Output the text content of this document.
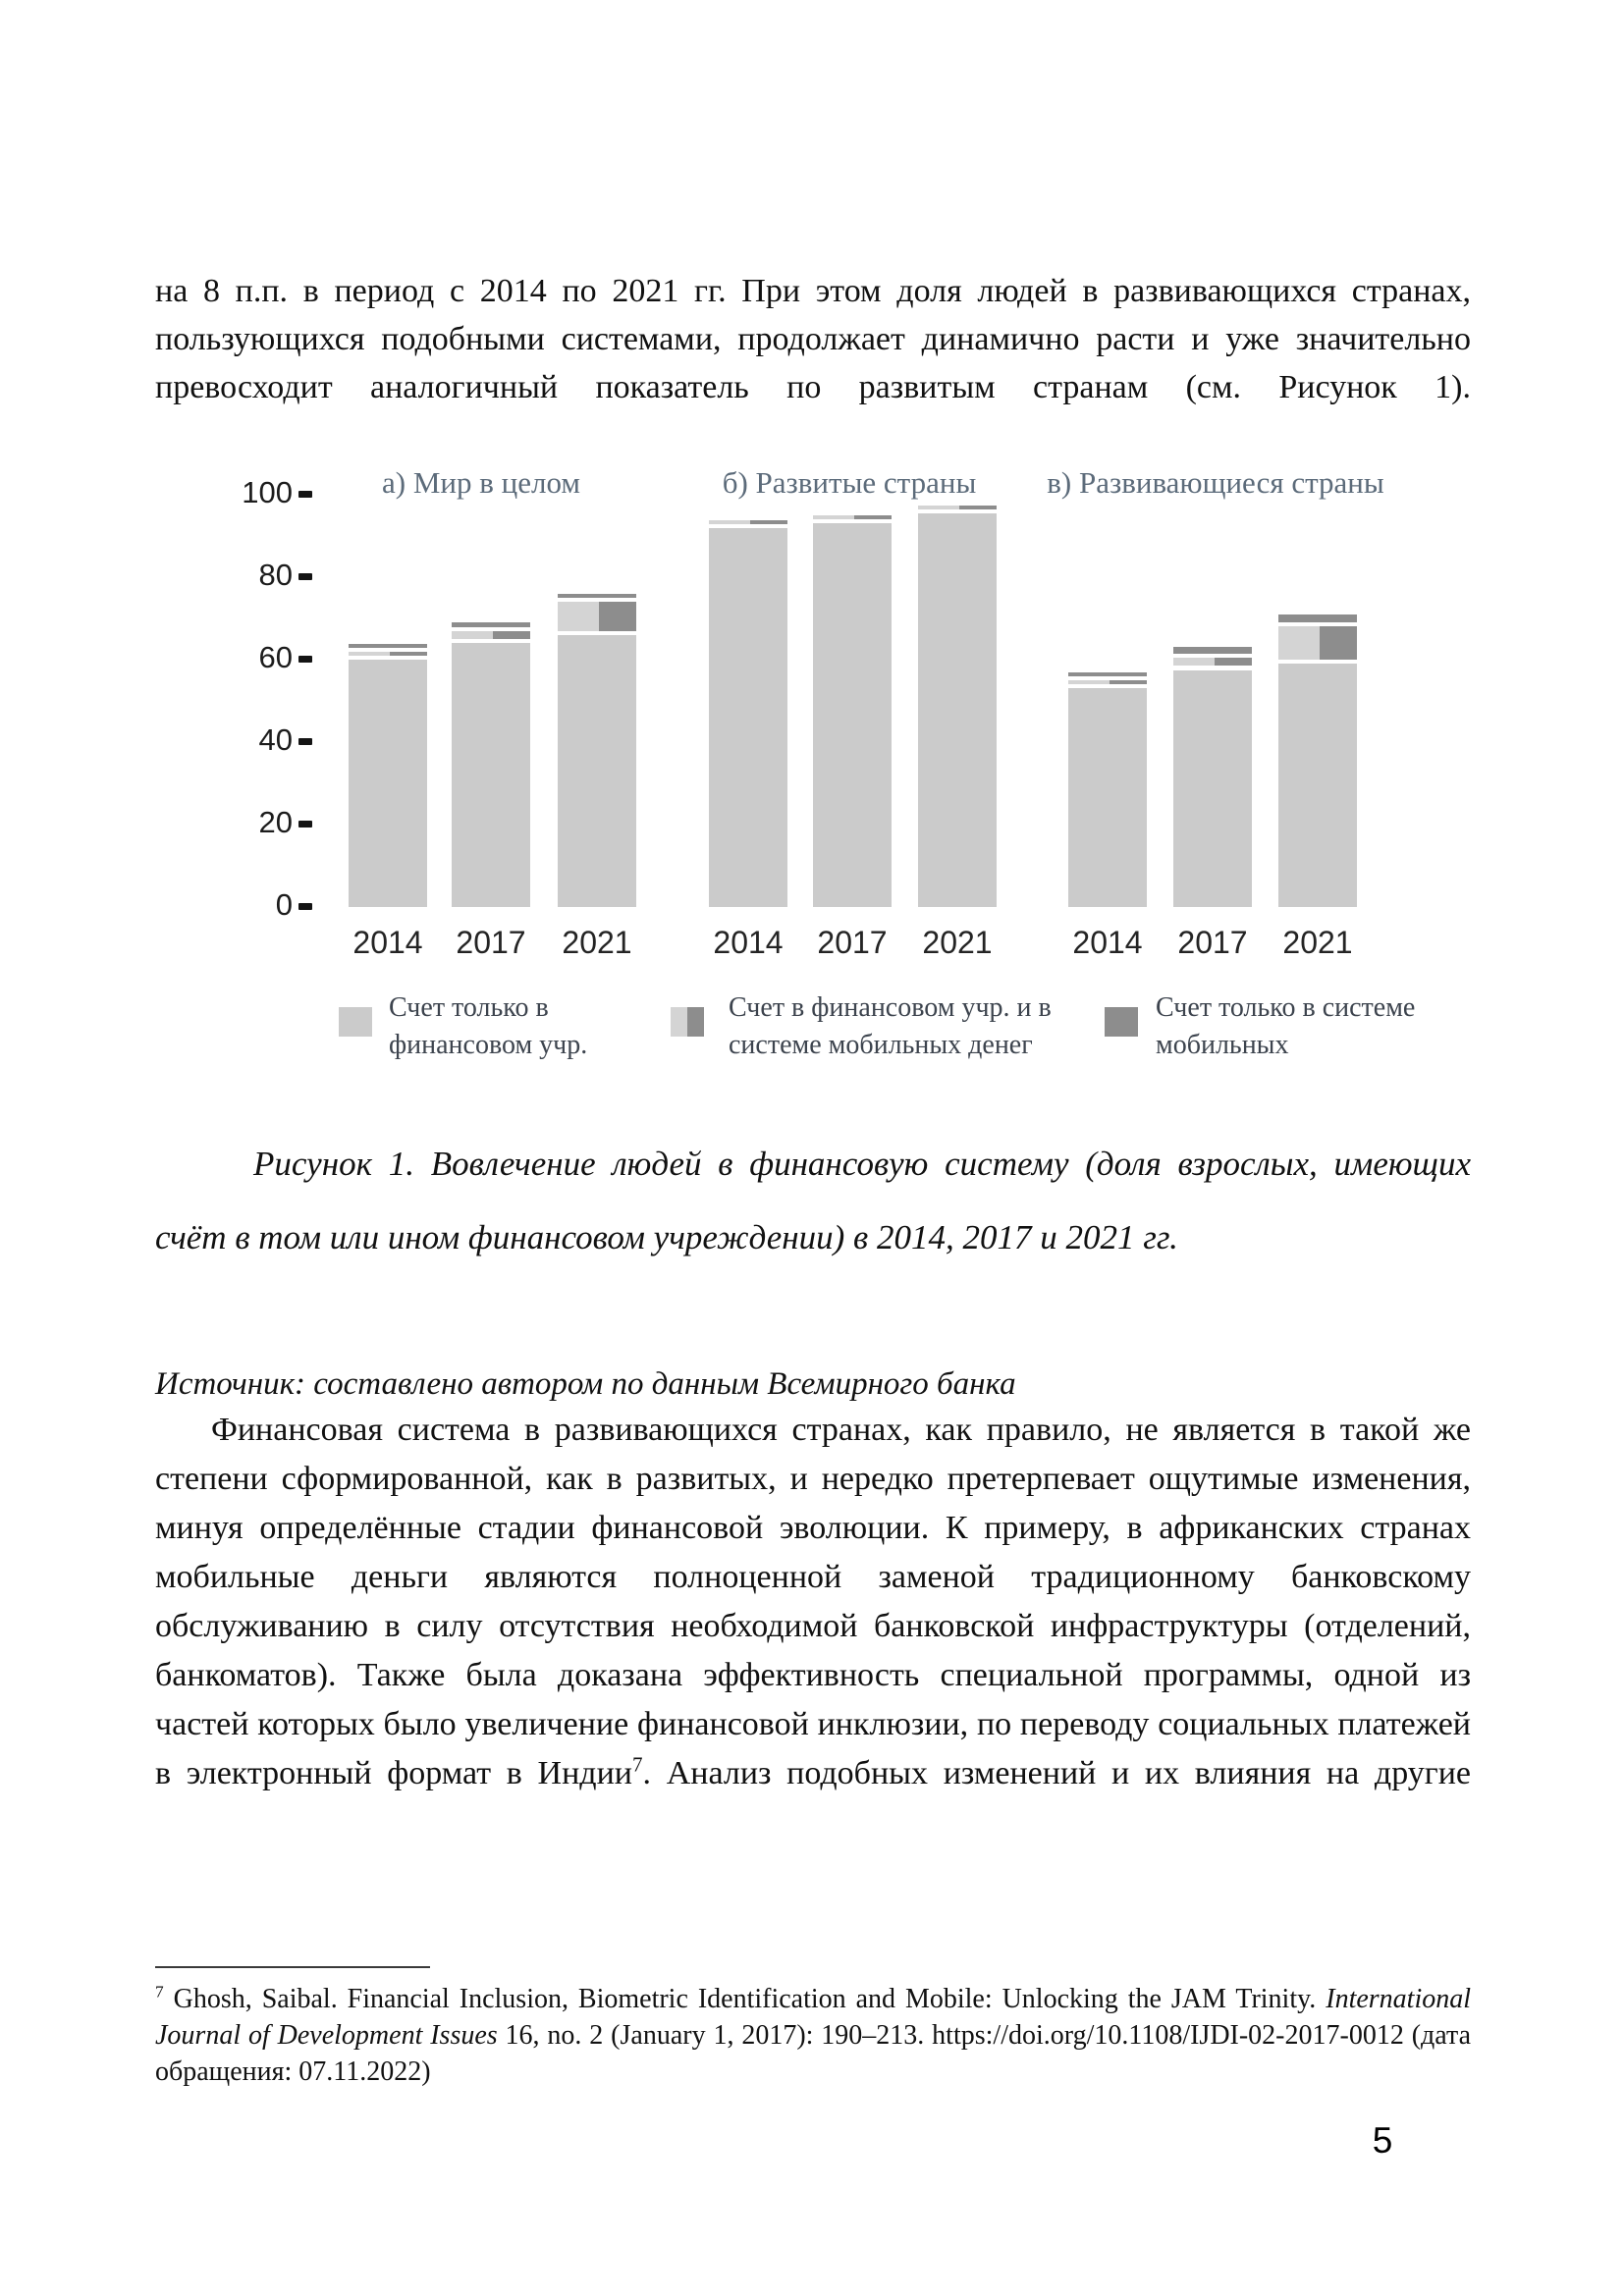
на 8 п.п. в период с 2014 по 2021 гг. При этом доля людей в развивающихся странах, пользующихся подобными системами, продолжает динамично расти и уже значительно превосходит аналогичный показатель по развитым странам (см. Рисунок 1).

0
20
40
60
80
100	а) Мир в целом
2014	2017	2021
б) Развитые страны
2014	2017	2021
в) Развивающиеся страны
2014	2017	2021
Счет только в
финансовом учр.
Счет в финансовом учр. и в
системе мобильных денег
Счет только в системе
мобильных

Рисунок 1. Вовлечение людей в финансовую систему (доля взрослых, имеющих счёт в том или ином финансовом учреждении) в 2014, 2017 и 2021 гг.

Источник: составлено автором по данным Всемирного банка

Финансовая система в развивающихся странах, как правило, не является в такой же степени сформированной, как в развитых, и нередко претерпевает ощутимые изменения, минуя определённые стадии финансовой эволюции. К примеру, в африканских странах мобильные деньги являются полноценной заменой традиционному банковскому обслуживанию в силу отсутствия необходимой банковской инфраструктуры (отделений, банкоматов). Также была доказана эффективность специальной программы, одной из частей которых было увеличение финансовой инклюзии, по переводу социальных платежей в электронный формат в Индии$^7$. Анализ подобных изменений и их влияния на другие

$^7$ Ghosh, Saibal. Financial Inclusion, Biometric Identification and Mobile: Unlocking the JAM Trinity. International Journal of Development Issues 16, no. 2 (January 1, 2017): 190–213. https://doi.org/10.1108/IJDI-02-2017-0012 (дата обращения: 07.11.2022)

5
